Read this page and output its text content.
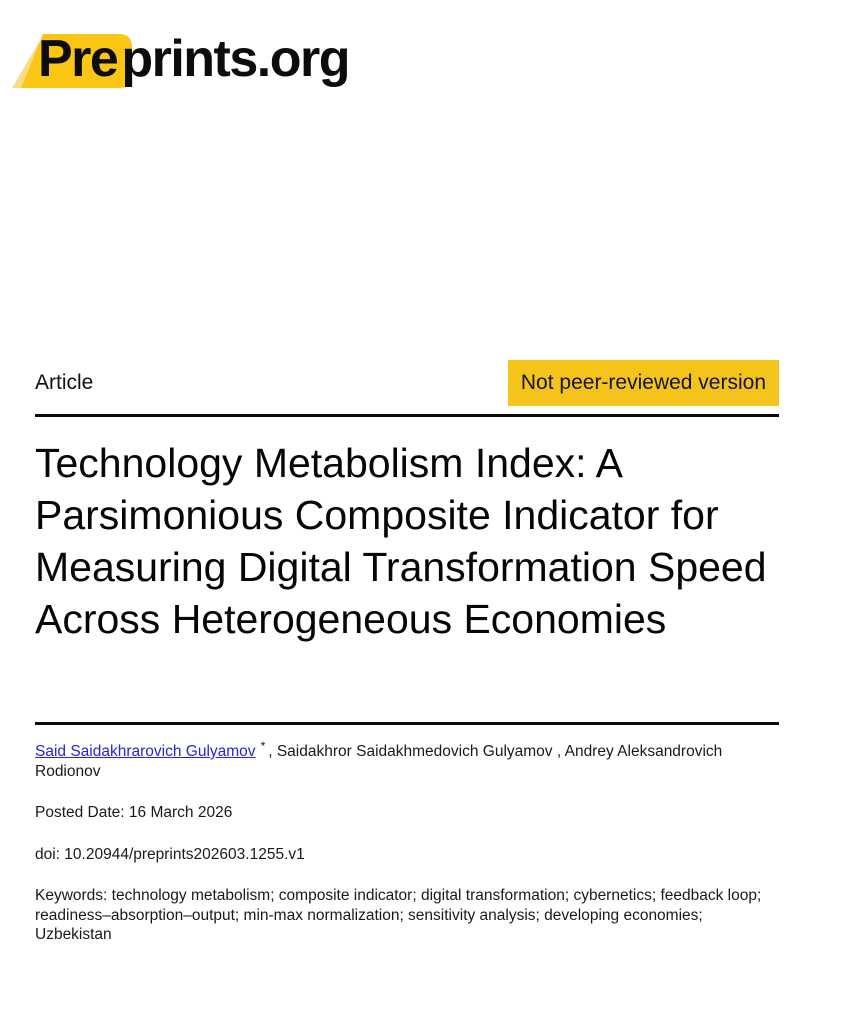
Pre prints.org
Article	Not peer-reviewed version
Technology Metabolism Index: A Parsimonious Composite Indicator for Measuring Digital Transformation Speed Across Heterogeneous Economies
Said Saidakhrarovich Gulyamov * , Saidakhror Saidakhmedovich Gulyamov , Andrey Aleksandrovich Rodionov
Posted Date: 16 March 2026
doi: 10.20944/preprints202603.1255.v1
Keywords: technology metabolism; composite indicator; digital transformation; cybernetics; feedback loop; readiness–absorption–output; min-max normalization; sensitivity analysis; developing economies; Uzbekistan
